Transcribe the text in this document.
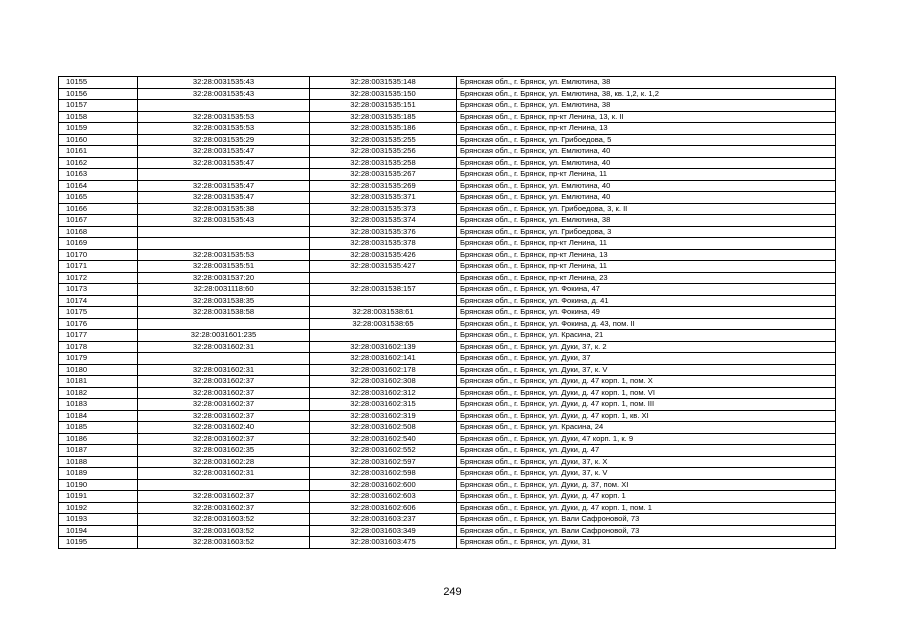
10155	32:28:0031535:43	32:28:0031535:148	Брянская обл., г. Брянск, ул. Емлютина, 38
10156	32:28:0031535:43	32:28:0031535:150	Брянская обл., г. Брянск, ул. Емлютина, 38, кв. 1,2, к. 1,2
10157		32:28:0031535:151	Брянская обл., г. Брянск, ул. Емлютина, 38
10158	32:28:0031535:53	32:28:0031535:185	Брянская обл., г. Брянск, пр-кт Ленина, 13, к. II
10159	32:28:0031535:53	32:28:0031535:186	Брянская обл., г. Брянск, пр-кт Ленина, 13
10160	32:28:0031535:29	32:28:0031535:255	Брянская обл., г. Брянск, ул. Грибоедова, 5
10161	32:28:0031535:47	32:28:0031535:256	Брянская обл., г. Брянск, ул. Емлютина, 40
10162	32:28:0031535:47	32:28:0031535:258	Брянская обл., г. Брянск, ул. Емлютина, 40
10163		32:28:0031535:267	Брянская обл., г. Брянск, пр-кт Ленина, 11
10164	32:28:0031535:47	32:28:0031535:269	Брянская обл., г. Брянск, ул. Емлютина, 40
10165	32:28:0031535:47	32:28:0031535:371	Брянская обл., г. Брянск, ул. Емлютина, 40
10166	32:28:0031535:38	32:28:0031535:373	Брянская обл., г. Брянск, ул. Грибоедова, 3, к. II
10167	32:28:0031535:43	32:28:0031535:374	Брянская обл., г. Брянск, ул. Емлютина, 38
10168		32:28:0031535:376	Брянская обл., г. Брянск, ул. Грибоедова, 3
10169		32:28:0031535:378	Брянская обл., г. Брянск, пр-кт Ленина, 11
10170	32:28:0031535:53	32:28:0031535:426	Брянская обл., г. Брянск, пр-кт Ленина, 13
10171	32:28:0031535:51	32:28:0031535:427	Брянская обл., г. Брянск, пр-кт Ленина, 11
10172	32:28:0031537:20		Брянская обл., г. Брянск, пр-кт Ленина, 23
10173	32:28:0031118:60	32:28:0031538:157	Брянская обл., г. Брянск, ул. Фокина, 47
10174	32:28:0031538:35		Брянская обл., г. Брянск, ул. Фокина, д. 41
10175	32:28:0031538:58	32:28:0031538:61	Брянская обл., г. Брянск, ул. Фокина, 49
10176		32:28:0031538:65	Брянская обл., г. Брянск, ул. Фокина, д. 43, пом. II
10177	32:28:0031601:235		Брянская обл., г. Брянск, ул. Красина, 21
10178	32:28:0031602:31	32:28:0031602:139	Брянская обл., г. Брянск, ул. Дуки, 37, к. 2
10179		32:28:0031602:141	Брянская обл., г. Брянск, ул. Дуки, 37
10180	32:28:0031602:31	32:28:0031602:178	Брянская обл., г. Брянск, ул. Дуки, 37, к. V
10181	32:28:0031602:37	32:28:0031602:308	Брянская обл., г. Брянск, ул. Дуки, д. 47 корп. 1, пом. X
10182	32:28:0031602:37	32:28:0031602:312	Брянская обл., г. Брянск, ул. Дуки, д. 47 корп. 1, пом. VI
10183	32:28:0031602:37	32:28:0031602:315	Брянская обл., г. Брянск, ул. Дуки, д. 47 корп. 1, пом. III
10184	32:28:0031602:37	32:28:0031602:319	Брянская обл., г. Брянск, ул. Дуки, д. 47 корп. 1, кв. XI
10185	32:28:0031602:40	32:28:0031602:508	Брянская обл., г. Брянск, ул. Красина, 24
10186	32:28:0031602:37	32:28:0031602:540	Брянская обл., г. Брянск, ул. Дуки, 47 корп. 1, к. 9
10187	32:28:0031602:35	32:28:0031602:552	Брянская обл., г. Брянск, ул. Дуки, д. 47
10188	32:28:0031602:28	32:28:0031602:597	Брянская обл., г. Брянск, ул. Дуки, 37, к. X
10189	32:28:0031602:31	32:28:0031602:598	Брянская обл., г. Брянск, ул. Дуки, 37, к. V
10190		32:28:0031602:600	Брянская обл., г. Брянск, ул. Дуки, д. 37, пом. XI
10191	32:28:0031602:37	32:28:0031602:603	Брянская обл., г. Брянск, ул. Дуки, д. 47 корп. 1
10192	32:28:0031602:37	32:28:0031602:606	Брянская обл., г. Брянск, ул. Дуки, д. 47 корп. 1, пом. 1
10193	32:28:0031603:52	32:28:0031603:237	Брянская обл., г. Брянск, ул. Вали Сафроновой, 73
10194	32:28:0031603:52	32:28:0031603:349	Брянская обл., г. Брянск, ул. Вали Сафроновой, 73
10195	32:28:0031603:52	32:28:0031603:475	Брянская обл., г. Брянск, ул. Дуки, 31
249
